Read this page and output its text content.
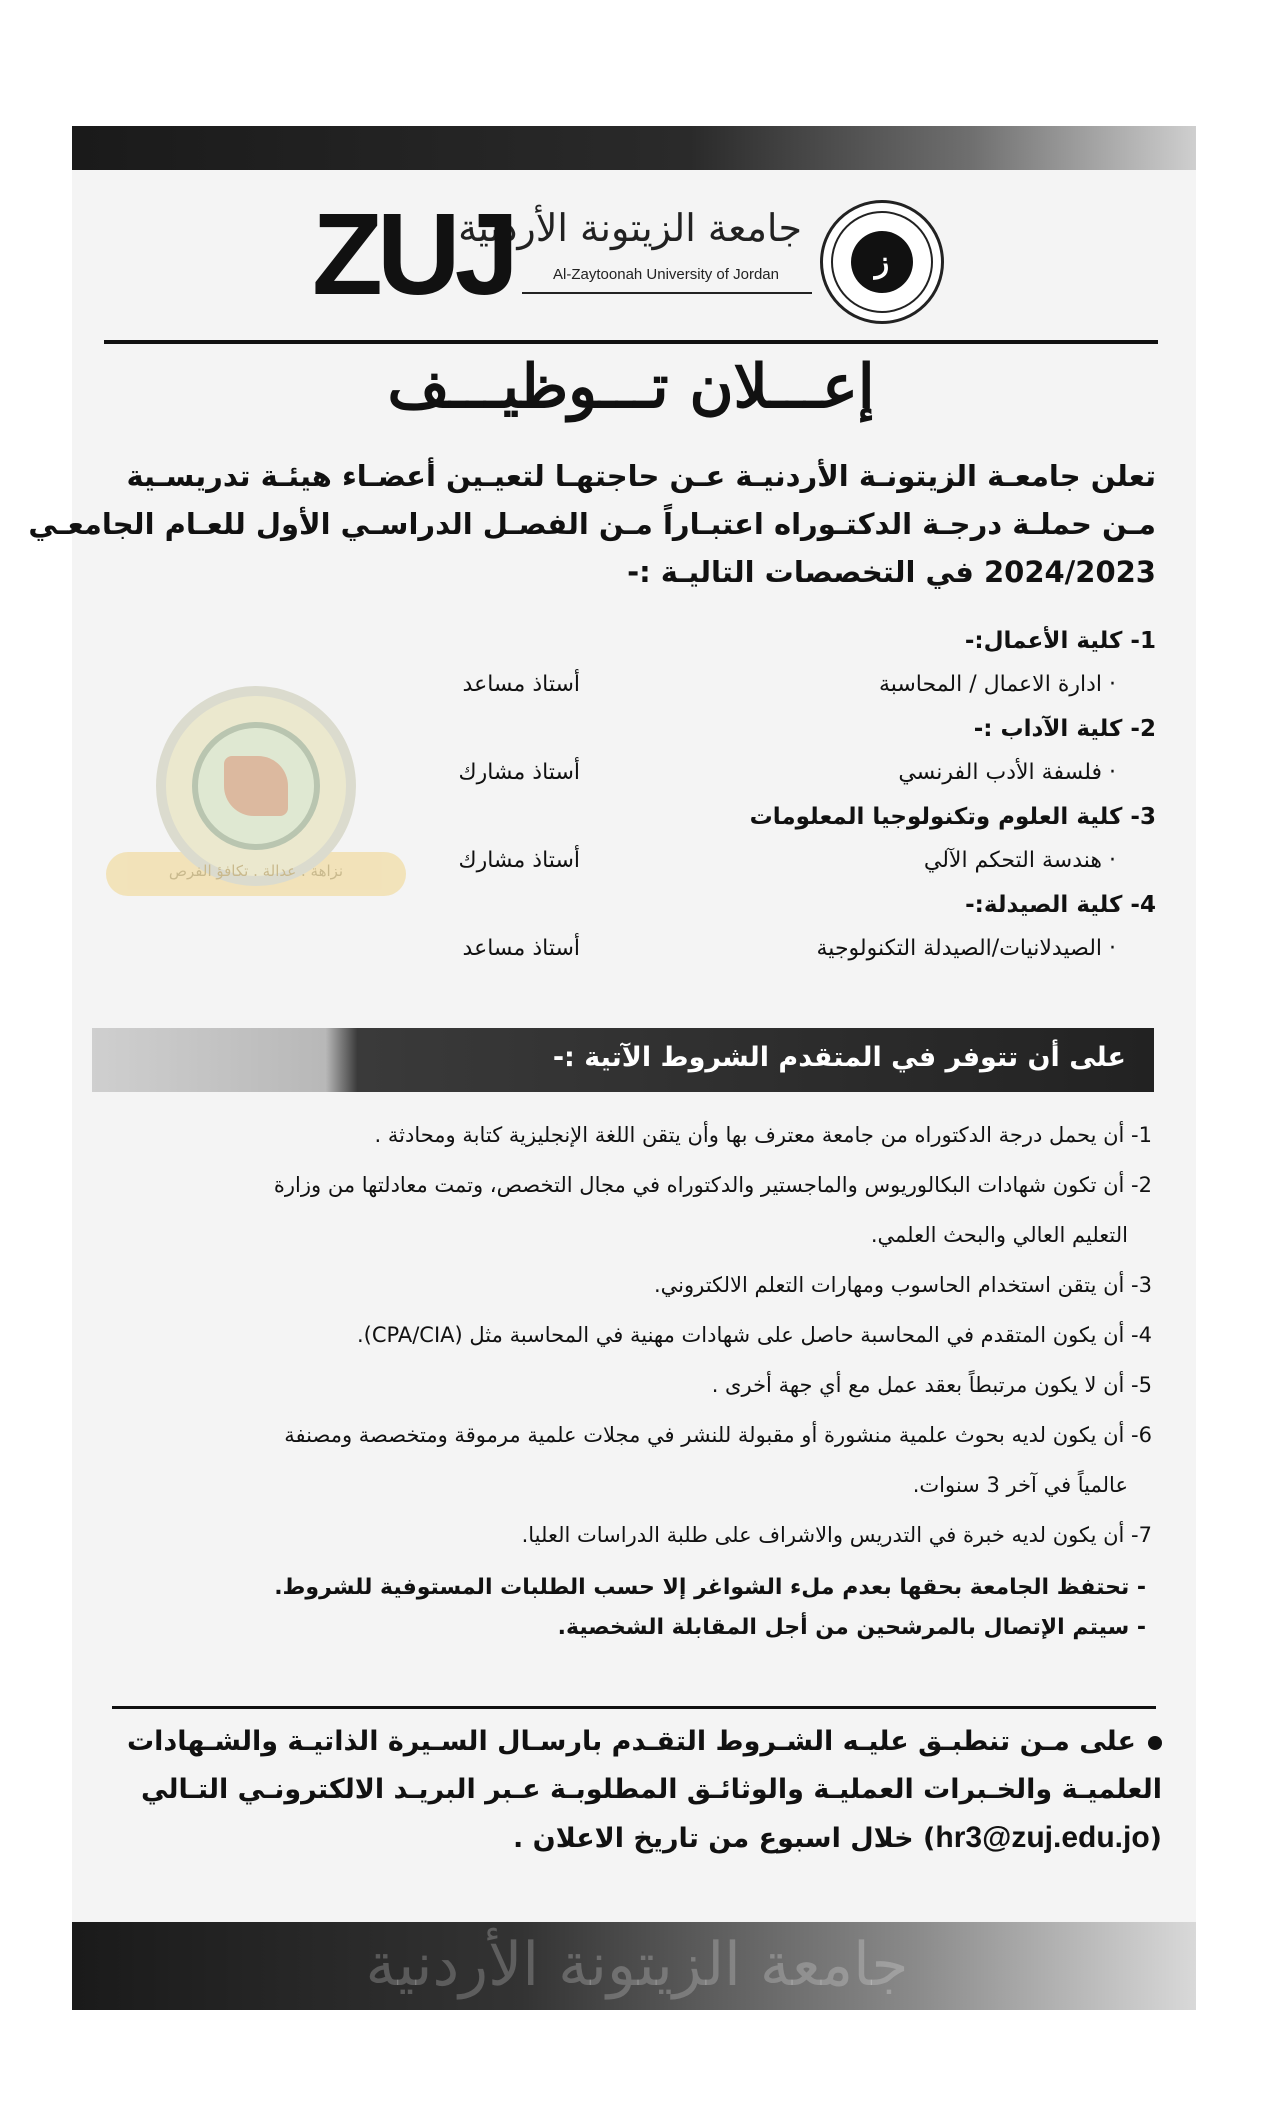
ز
جامعة الزيتونة الأردنية
Al-Zaytoonah University of Jordan
ZUJ
إعـــلان تـــوظيـــف
تعلن جامعـة الزيتونـة الأردنيـة عـن حاجتهـا لتعيـين أعضـاء هيئـة تدريسـية
مـن حملـة درجـة الدكتـوراه اعتبـاراً مـن الفصـل الدراسـي الأول للعـام الجامعـي
2024/2023 في التخصصات التاليـة :-
نزاهة . عدالة . تكافؤ الفرص
1- كلية الأعمال:-
· ادارة الاعمال / المحاسبة
أستاذ مساعد
2- كلية الآداب :-
· فلسفة الأدب الفرنسي
أستاذ مشارك
3- كلية العلوم وتكنولوجيا المعلومات
· هندسة التحكم الآلي
أستاذ مشارك
4- كلية الصيدلة:-
· الصيدلانيات/الصيدلة التكنولوجية
أستاذ مساعد
على أن تتوفر في المتقدم الشروط الآتية :-

1- أن يحمل درجة الدكتوراه من جامعة معترف بها وأن يتقن اللغة الإنجليزية كتابة ومحادثة .

2- أن تكون شهادات البكالوريوس والماجستير والدكتوراه في مجال التخصص، وتمت معادلتها من وزارة

التعليم العالي والبحث العلمي.

3- أن يتقن استخدام الحاسوب ومهارات التعلم الالكتروني.

4- أن يكون المتقدم في المحاسبة حاصل على شهادات مهنية في المحاسبة مثل (CPA/CIA).

5- أن لا يكون مرتبطاً بعقد عمل مع أي جهة أخرى .

6- أن يكون لديه بحوث علمية منشورة أو مقبولة للنشر في مجلات علمية مرموقة ومتخصصة ومصنفة

عالمياً في آخر 3 سنوات.

7- أن يكون لديه خبرة في التدريس والاشراف على طلبة الدراسات العليا.

- تحتفظ الجامعة بحقها بعدم ملء الشواغر إلا حسب الطلبات المستوفية للشروط.

- سيتم الإتصال بالمرشحين من أجل المقابلة الشخصية.

على مـن تنطبـق عليـه الشـروط التقـدم بارسـال السـيرة الذاتيـة والشـهادات
العلميـة والخـبرات العمليـة والوثائـق المطلوبـة عـبر البريـد الالكترونـي التـالي
(hr3@zuj.edu.jo) خلال اسبوع من تاريخ الاعلان .
جامعة الزيتونة الأردنية
